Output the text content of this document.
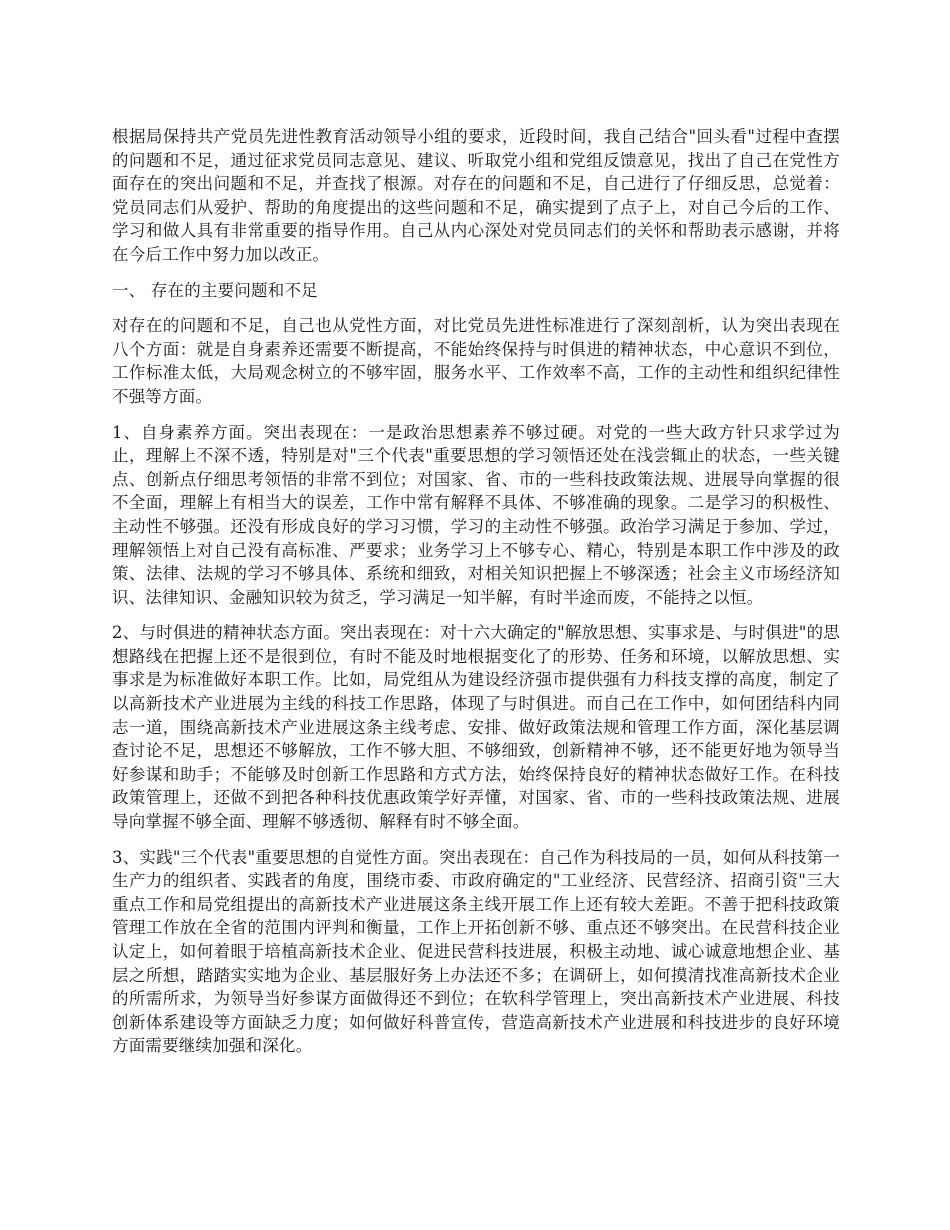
根据局保持共产党员先进性教育活动领导小组的要求，近段时间，我自己结合"回头看"过程中查摆的问题和不足，通过征求党员同志意见、建议、听取党小组和党组反馈意见，找出了自己在党性方面存在的突出问题和不足，并查找了根源。对存在的问题和不足，自己进行了仔细反思，总觉着：党员同志们从爱护、帮助的角度提出的这些问题和不足，确实提到了点子上，对自己今后的工作、学习和做人具有非常重要的指导作用。自己从内心深处对党员同志们的关怀和帮助表示感谢，并将在今后工作中努力加以改正。

一、 存在的主要问题和不足

对存在的问题和不足，自己也从党性方面，对比党员先进性标准进行了深刻剖析，认为突出表现在八个方面：就是自身素养还需要不断提高，不能始终保持与时俱进的精神状态，中心意识不到位，工作标准太低，大局观念树立的不够牢固，服务水平、工作效率不高，工作的主动性和组织纪律性不强等方面。

1、自身素养方面。突出表现在：一是政治思想素养不够过硬。对党的一些大政方针只求学过为止，理解上不深不透，特别是对"三个代表"重要思想的学习领悟还处在浅尝辄止的状态，一些关键点、创新点仔细思考领悟的非常不到位；对国家、省、市的一些科技政策法规、进展导向掌握的很不全面，理解上有相当大的误差，工作中常有解释不具体、不够准确的现象。二是学习的积极性、主动性不够强。还没有形成良好的学习习惯，学习的主动性不够强。政治学习满足于参加、学过，理解领悟上对自己没有高标准、严要求；业务学习上不够专心、精心，特别是本职工作中涉及的政策、法律、法规的学习不够具体、系统和细致，对相关知识把握上不够深透；社会主义市场经济知识、法律知识、金融知识较为贫乏，学习满足一知半解，有时半途而废，不能持之以恒。

2、与时俱进的精神状态方面。突出表现在：对十六大确定的"解放思想、实事求是、与时俱进"的思想路线在把握上还不是很到位，有时不能及时地根据变化了的形势、任务和环境，以解放思想、实事求是为标准做好本职工作。比如，局党组从为建设经济强市提供强有力科技支撑的高度，制定了以高新技术产业进展为主线的科技工作思路，体现了与时俱进。而自己在工作中，如何团结科内同志一道，围绕高新技术产业进展这条主线考虑、安排、做好政策法规和管理工作方面，深化基层调查讨论不足，思想还不够解放，工作不够大胆、不够细致，创新精神不够，还不能更好地为领导当好参谋和助手；不能够及时创新工作思路和方式方法，始终保持良好的精神状态做好工作。在科技政策管理上，还做不到把各种科技优惠政策学好弄懂，对国家、省、市的一些科技政策法规、进展导向掌握不够全面、理解不够透彻、解释有时不够全面。

3、实践"三个代表"重要思想的自觉性方面。突出表现在：自己作为科技局的一员，如何从科技第一生产力的组织者、实践者的角度，围绕市委、市政府确定的"工业经济、民营经济、招商引资"三大重点工作和局党组提出的高新技术产业进展这条主线开展工作上还有较大差距。不善于把科技政策管理工作放在全省的范围内评判和衡量，工作上开拓创新不够、重点还不够突出。在民营科技企业认定上，如何着眼于培植高新技术企业、促进民营科技进展，积极主动地、诚心诚意地想企业、基层之所想，踏踏实实地为企业、基层服好务上办法还不多；在调研上，如何摸清找准高新技术企业的所需所求，为领导当好参谋方面做得还不到位；在软科学管理上，突出高新技术产业进展、科技创新体系建设等方面缺乏力度；如何做好科普宣传，营造高新技术产业进展和科技进步的良好环境方面需要继续加强和深化。
